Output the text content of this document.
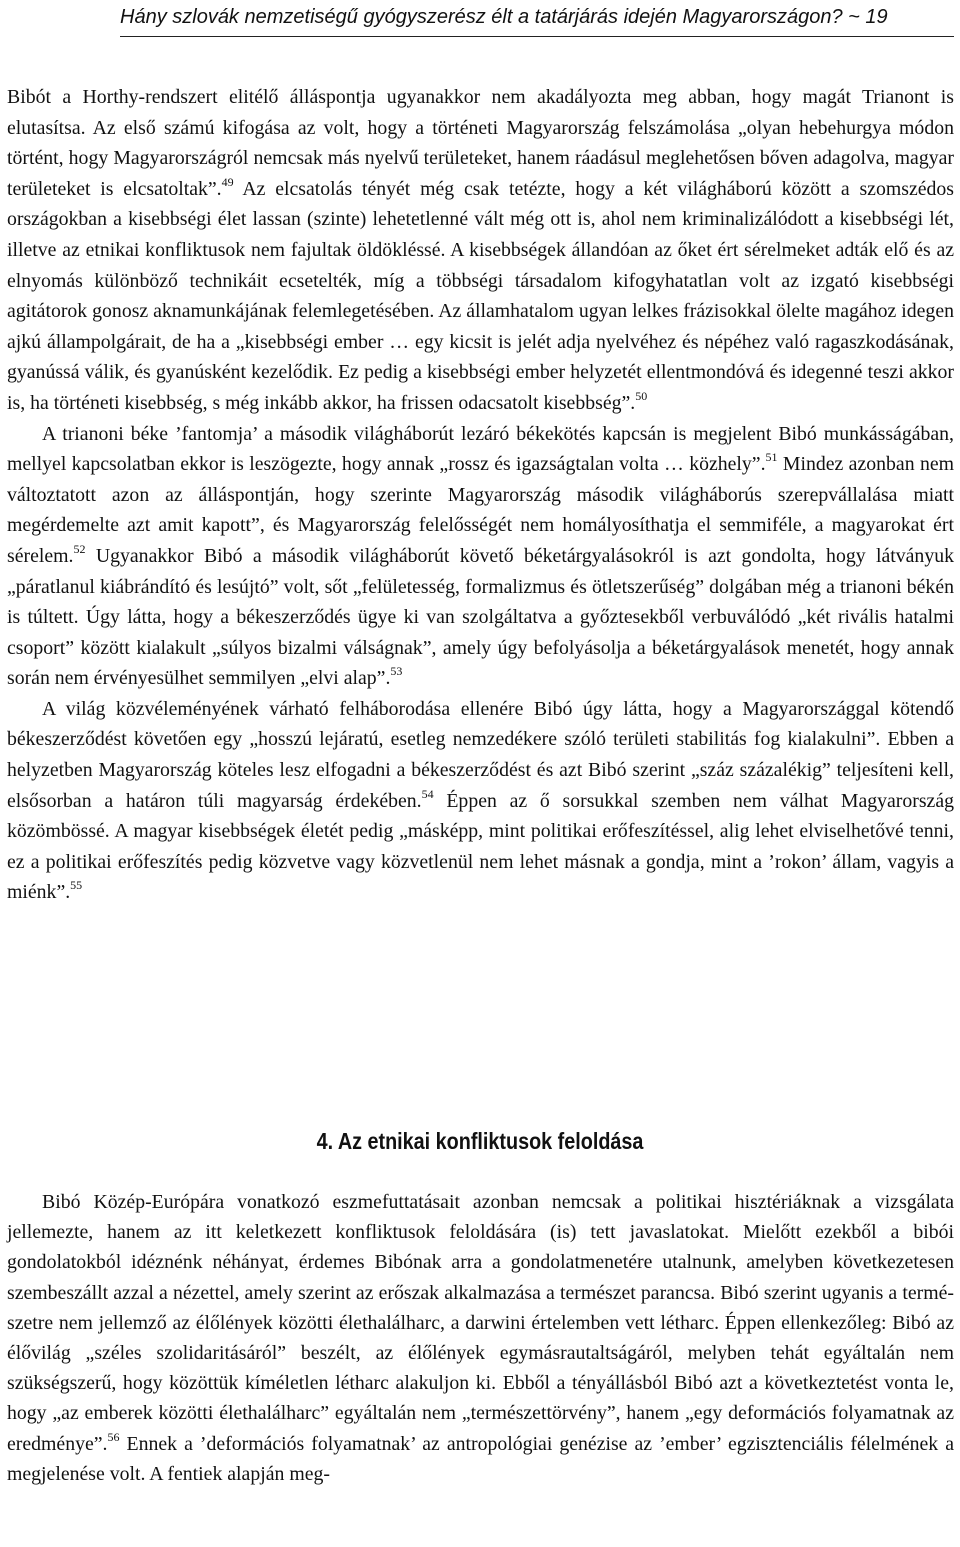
Hány szlovák nemzetiségű gyógyszerész élt a tatárjárás idején Magyarországon? ~ 19

Bibót a Horthy-rendszert elitélő álláspontja ugyanakkor nem akadályozta meg abban, hogy magát Trianont is elutasítsa. Az első számú kifogása az volt, hogy a történeti Magyarország felszámolása „olyan hebehurgya módon történt, hogy Magyarországról nemcsak más nyelvű területeket, hanem ráadásul meglehetősen bőven adagolva, magyar területeket is elcsatoltak”.$^{49}$ Az elcsatolás tényét még csak tetézte, hogy a két világháború között a szomszédos országokban a kisebbségi élet lassan (szinte) lehetetlenné vált még ott is, ahol nem kriminalizálódott a kisebbségi lét, illetve az etnikai konfliktusok nem fajultak öldökléssé. A kisebbségek állandóan az őket ért sérelmeket adták elő és az elnyomás különböző technikáit ecsetelték, míg a többségi társadalom kifogyhatatlan volt az izgató kisebbségi agitátorok gonosz aknamunkájának felemlegetésében. Az államhatalom ugyan lelkes frázisokkal ölelte magához idegen ajkú állampolgárait, de ha a „kisebbségi ember … egy kicsit is jelét adja nyelvéhez és népéhez való ragaszkodásának, gyanússá válik, és gyanúsként kezelődik. Ez pedig a kisebbségi ember helyzetét ellentmondóvá és idegenné teszi akkor is, ha történeti kisebbség, s még inkább akkor, ha frissen odacsatolt kisebbség”.$^{50}$

A trianoni béke ’fantomja’ a második világháborút lezáró békekötés kapcsán is megjelent Bibó munkásságában, mellyel kapcsolatban ekkor is leszögezte, hogy annak „rossz és igazságtalan volta … közhely”.$^{51}$ Mindez azonban nem változtatott azon az álláspontján, hogy szerinte Magyarország második világháborús szerepvállalása miatt megérdemelte azt amit kapott”, és Magyarország felelősségét nem homályosíthatja el semmiféle, a magyarokat ért sérelem.$^{52}$ Ugyanakkor Bibó a második világháborút követő béketárgyalásokról is azt gondolta, hogy látványuk „páratlanul kiábrándító és lesújtó” volt, sőt „felületesség, formalizmus és ötletszerűség” dolgában még a trianoni békén is túltett. Úgy látta, hogy a békeszerződés ügye ki van szolgáltatva a győztesekből verbuválódó „két rivális hatalmi csoport” között kialakult „súlyos bizalmi válságnak”, amely úgy befolyásolja a béketárgyalások menetét, hogy annak során nem érvényesülhet semmilyen „elvi alap”.$^{53}$

A világ közvéleményének várható felháborodása ellenére Bibó úgy látta, hogy a Magyarországgal kötendő békeszerződést követően egy „hosszú lejáratú, esetleg nemzedékere szóló területi stabilitás fog kialakulni”. Ebben a helyzetben Magyarország köteles lesz elfogadni a békeszerződést és azt Bibó szerint „száz százalékig” teljesíteni kell, elsősorban a határon túli magyarság érdekében.$^{54}$ Éppen az ő sorsukkal szemben nem válhat Magyarország közömbössé. A magyar kisebbségek életét pedig „másképp, mint politikai erőfeszítéssel, alig lehet elviselhetővé tenni, ez a politikai erőfeszítés pedig közvetve vagy közvetlenül nem lehet másnak a gondja, mint a ’rokon’ állam, vagyis a miénk”.$^{55}$

4. Az etnikai konfliktusok feloldása

Bibó Közép-Európára vonatkozó eszmefuttatásait azonban nemcsak a politikai hisztériáknak a vizsgálata jellemezte, hanem az itt keletkezett konfliktusok feloldására (is) tett javaslatokat. Mielőtt ezekből a bibói gondolatokból idéznénk néhányat, érdemes Bibónak arra a gondolatmenetére utalnunk, amelyben következetesen szembeszállt azzal a nézettel, amely szerint az erőszak alkalmazása a természet parancsa. Bibó szerint ugyanis a természetre nem jellemző az élőlények közötti élethalálharc, a darwini értelemben vett létharc. Éppen ellenkezőleg: Bibó az élővilág „széles szolidaritásáról” beszélt, az élőlények egymásrautaltságáról, melyben tehát egyáltalán nem szükségszerű, hogy közöttük kíméletlen létharc alakuljon ki. Ebből a tényállásból Bibó azt a következtetést vonta le, hogy „az emberek közötti élethalálharc” egyáltalán nem „természettörvény”, hanem „egy deformációs folyamatnak az eredménye”.$^{56}$ Ennek a ’deformációs folyamatnak’ az antropológiai genézise az ’ember’ egzisztenciális félelmének a megjelenése volt. A fentiek alapján meg-
